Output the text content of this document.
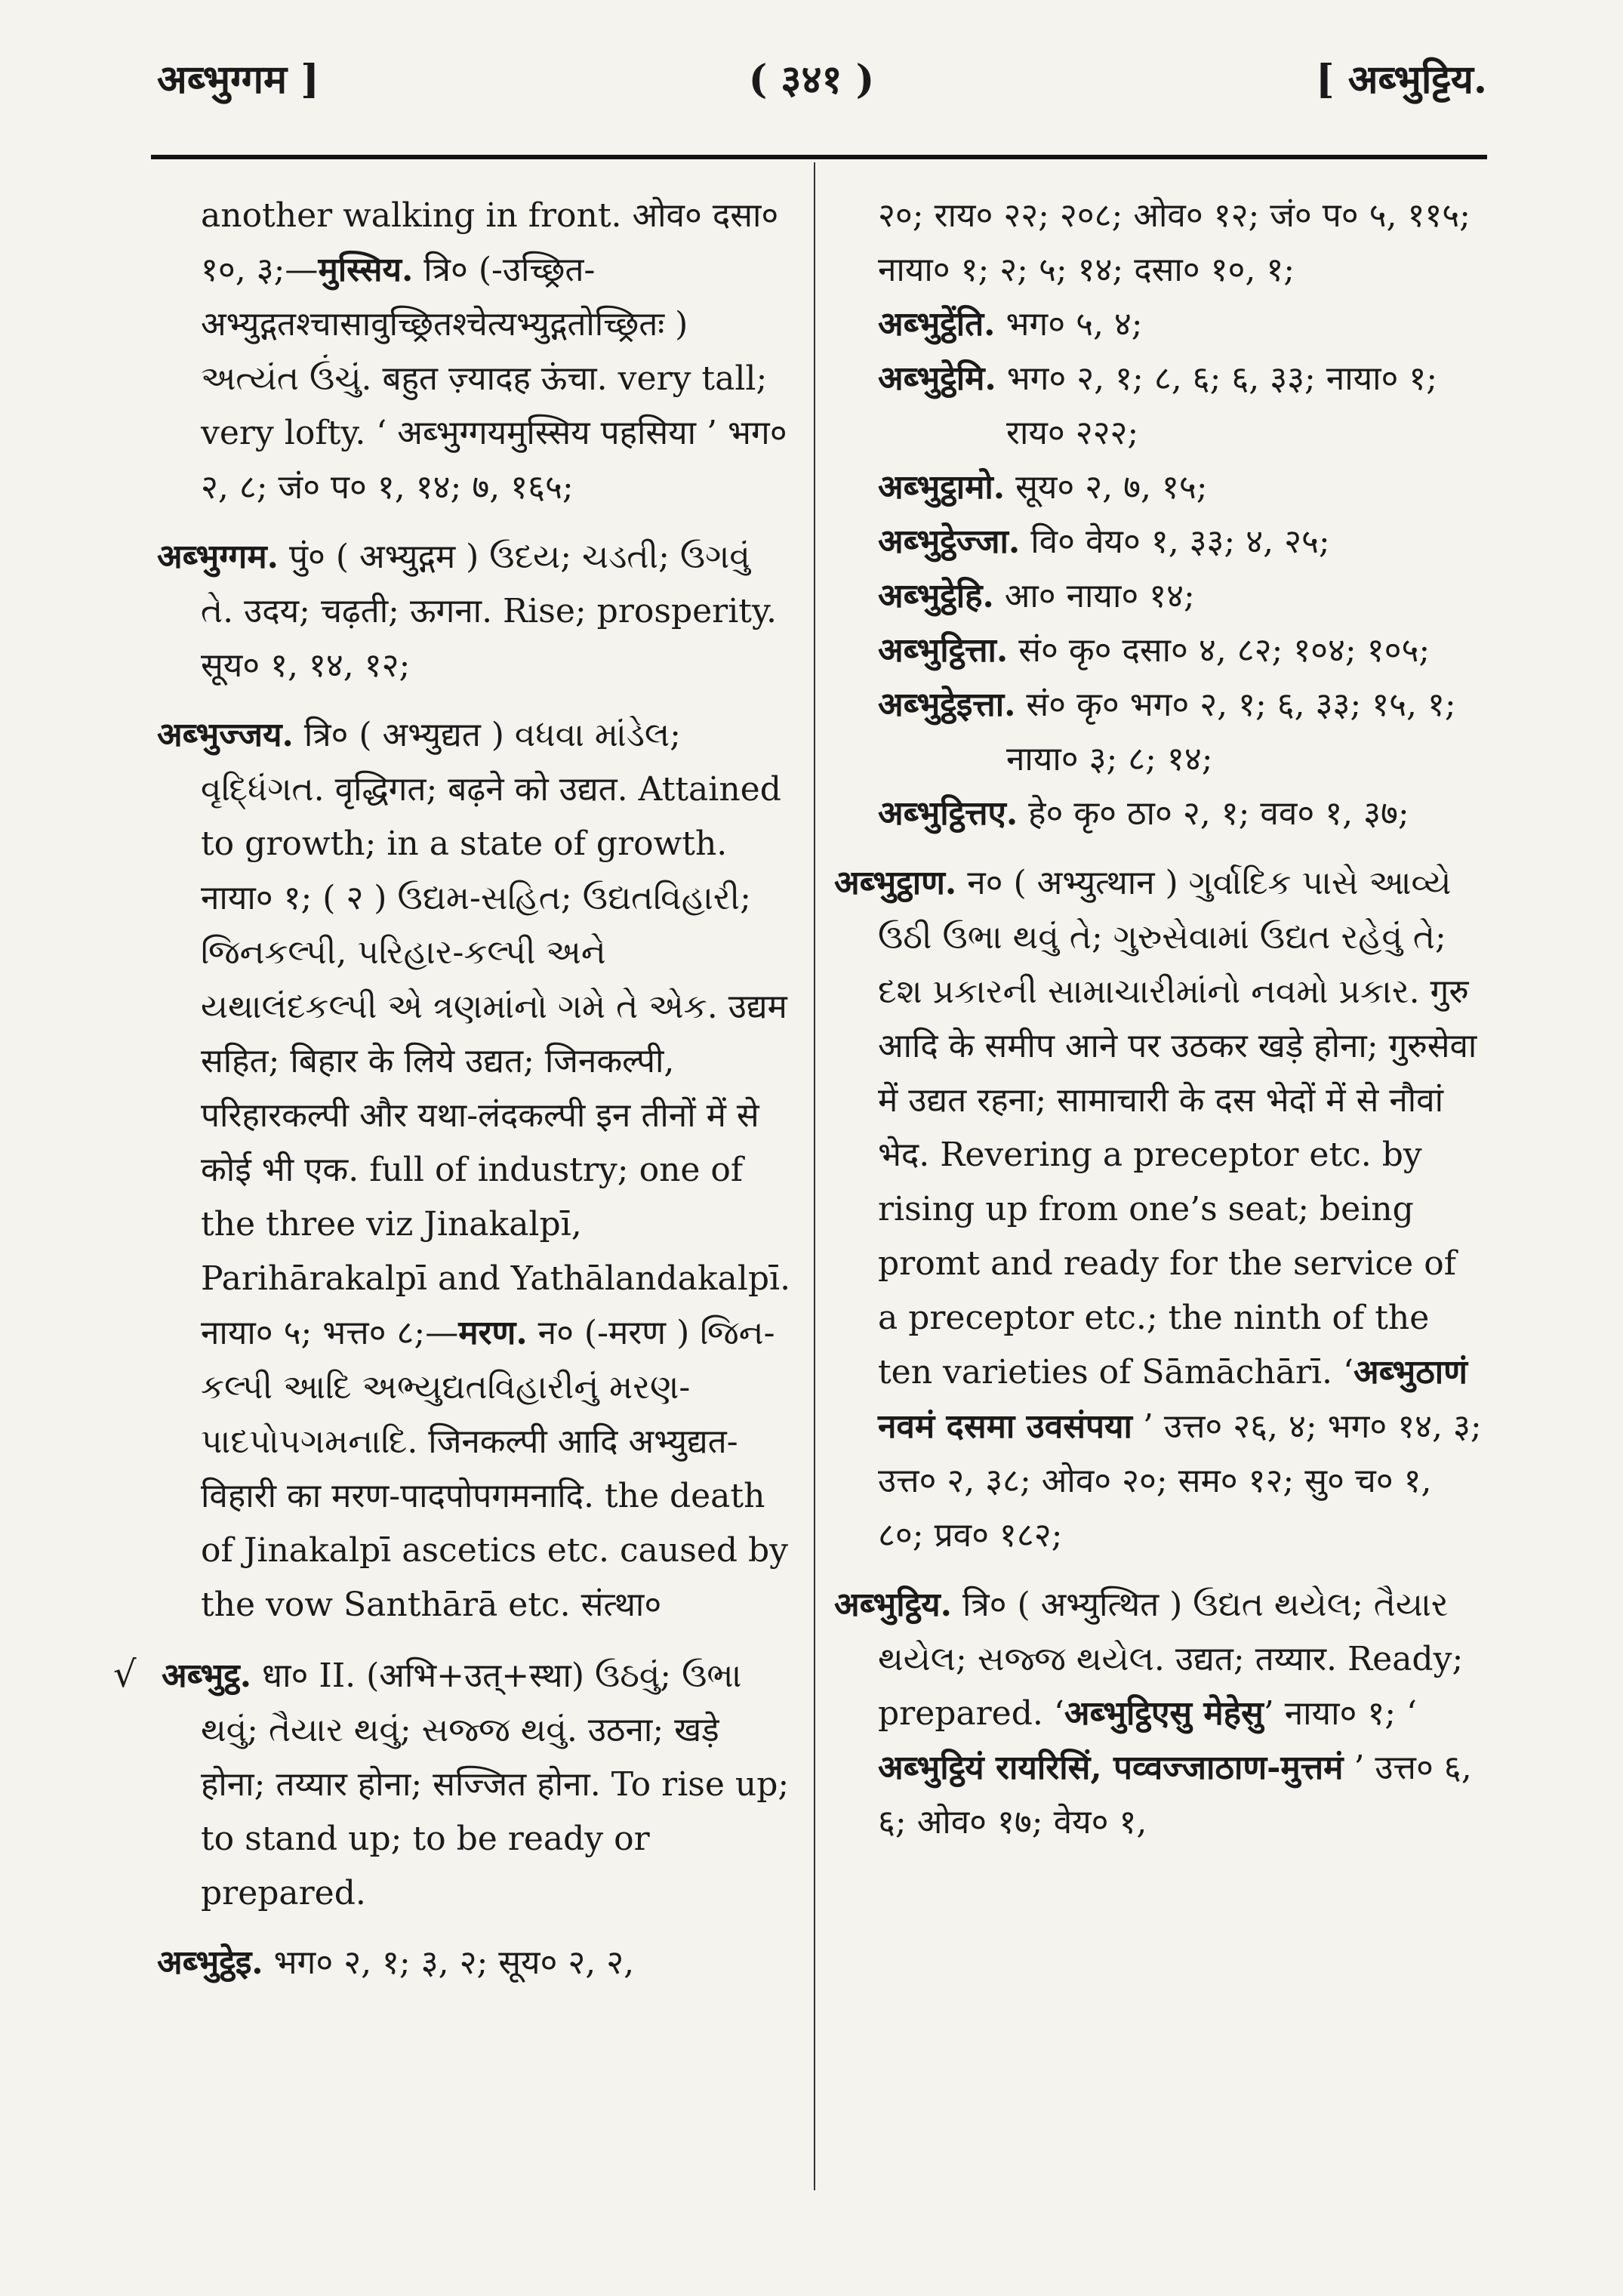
अब्भुग्गम ]	( ३४१ )	[ अब्भुट्टिय.

another walking in front. ओव० दसा० १०, ३;—मुस्सिय. त्रि० (-उच्छ्रित-अभ्युद्गतश्चासावुच्छ्रितश्चेत्यभ्युद्गतोच्छ्रितः ) અત્યંત ઉંચું. बहुत ज़्यादह ऊंचा. very tall; very lofty. ‘ अब्भुग्गयमुस्सिय पहसिया ’ भग० २, ८; जं० प० १, १४; ७, १६५;

अब्भुग्गम. पुं० ( अभ्युद्गम ) ઉદય; ચડતી; ઉગવું તે. उदय; चढ़ती; ऊगना. Rise; prosperity. सूय० १, १४, १२;

अब्भुज्जय. त्रि० ( अभ्युद्यत ) વધવા માંડેલ; વૃદ્ધિંગત. वृद्धिगत; बढ़ने को उद्यत. Attained to growth; in a state of growth. नाया० १; ( २ ) ઉદ્યમ-સહિત; ઉદ્યતવિહારી; જિનકલ્પી, પરિહાર-કલ્પી અને યથાલંદકલ્પી એ ત્રણમાંનો ગમે તે એક. उद्यम सहित; बिहार के लिये उद्यत; जिनकल्पी, परिहारकल्पी और यथा-लंदकल्पी इन तीनों में से कोई भी एक. full of industry; one of the three viz Jinakalpī, Parihārakalpī and Yathālandakalpī. नाया० ५; भत्त० ८;—मरण. न० (-मरण ) જિન-કલ્પી આદિ અભ્યુદ્યતવિહારીનું મરણ-પાદપોપગમનાદિ. जिनकल्पी आदि अभ्युद्यत-विहारी का मरण-पादपोपगमनादि. the death of Jinakalpī ascetics etc. caused by the vow Santhārā etc. संत्था०

√ अब्भुट्ठ. धा० II. (अभि+उत्+स्था) ઉઠવું; ઉભા થવું; તૈયાર થવું; સજ્જ થવું. उठना; खड़े होना; तय्यार होना; सज्जित होना. To rise up; to stand up; to be ready or prepared.

अब्भुट्ठेइ. भग० २, १; ३, २; सूय० २, २,

२०; राय० २२; २०८; ओव० १२; जं० प० ५, ११५; नाया० १; २; ५; १४; दसा० १०, १;

अब्भुट्ठेंति. भग० ५, ४;

अब्भुट्ठेमि. भग० २, १; ८, ६; ६, ३३; नाया० १; राय० २२२;

अब्भुट्ठामो. सूय० २, ७, १५;

अब्भुट्ठेज्जा. वि० वेय० १, ३३; ४, २५;

अब्भुट्ठेहि. आ० नाया० १४;

अब्भुट्ठित्ता. सं० कृ० दसा० ४, ८२; १०४; १०५;

अब्भुट्ठेइत्ता. सं० कृ० भग० २, १; ६, ३३; १५, १; नाया० ३; ८; १४;

अब्भुट्ठित्तए. हे० कृ० ठा० २, १; वव० १, ३७;

अब्भुट्ठाण. न० ( अभ्युत्थान ) ગુર્વાદિક પાસે આવ્યે ઉઠી ઉભા થવું તે; ગુરુસેવામાં ઉદ્યત રહેવું તે; દશ પ્રકારની સામાચારીમાંનો નવમો પ્રકાર. गुरु आदि के समीप आने पर उठकर खड़े होना; गुरुसेवा में उद्यत रहना; सामाचारी के दस भेदों में से नौवां भेद. Revering a preceptor etc. by rising up from one’s seat; being promt and ready for the service of a preceptor etc.; the ninth of the ten varieties of Sāmāchārī. ‘अब्भुठाणं नवमं दसमा उवसंपया ’ उत्त० २६, ४; भग० १४, ३; उत्त० २, ३८; ओव० २०; सम० १२; सु० च० १, ८०; प्रव० १८२;

अब्भुट्ठिय. त्रि० ( अभ्युत्थित ) ઉદ્યત થયેલ; તૈયાર થયેલ; સજ્જ થયેલ. उद्यत; तय्यार. Ready; prepared. ‘अब्भुट्ठिएसु मेहेसु’ नाया० १; ‘ अब्भुट्ठियं रायरिसिं, पव्वज्जाठाण-मुत्तमं ’ उत्त० ६, ६; ओव० १७; वेय० १,
